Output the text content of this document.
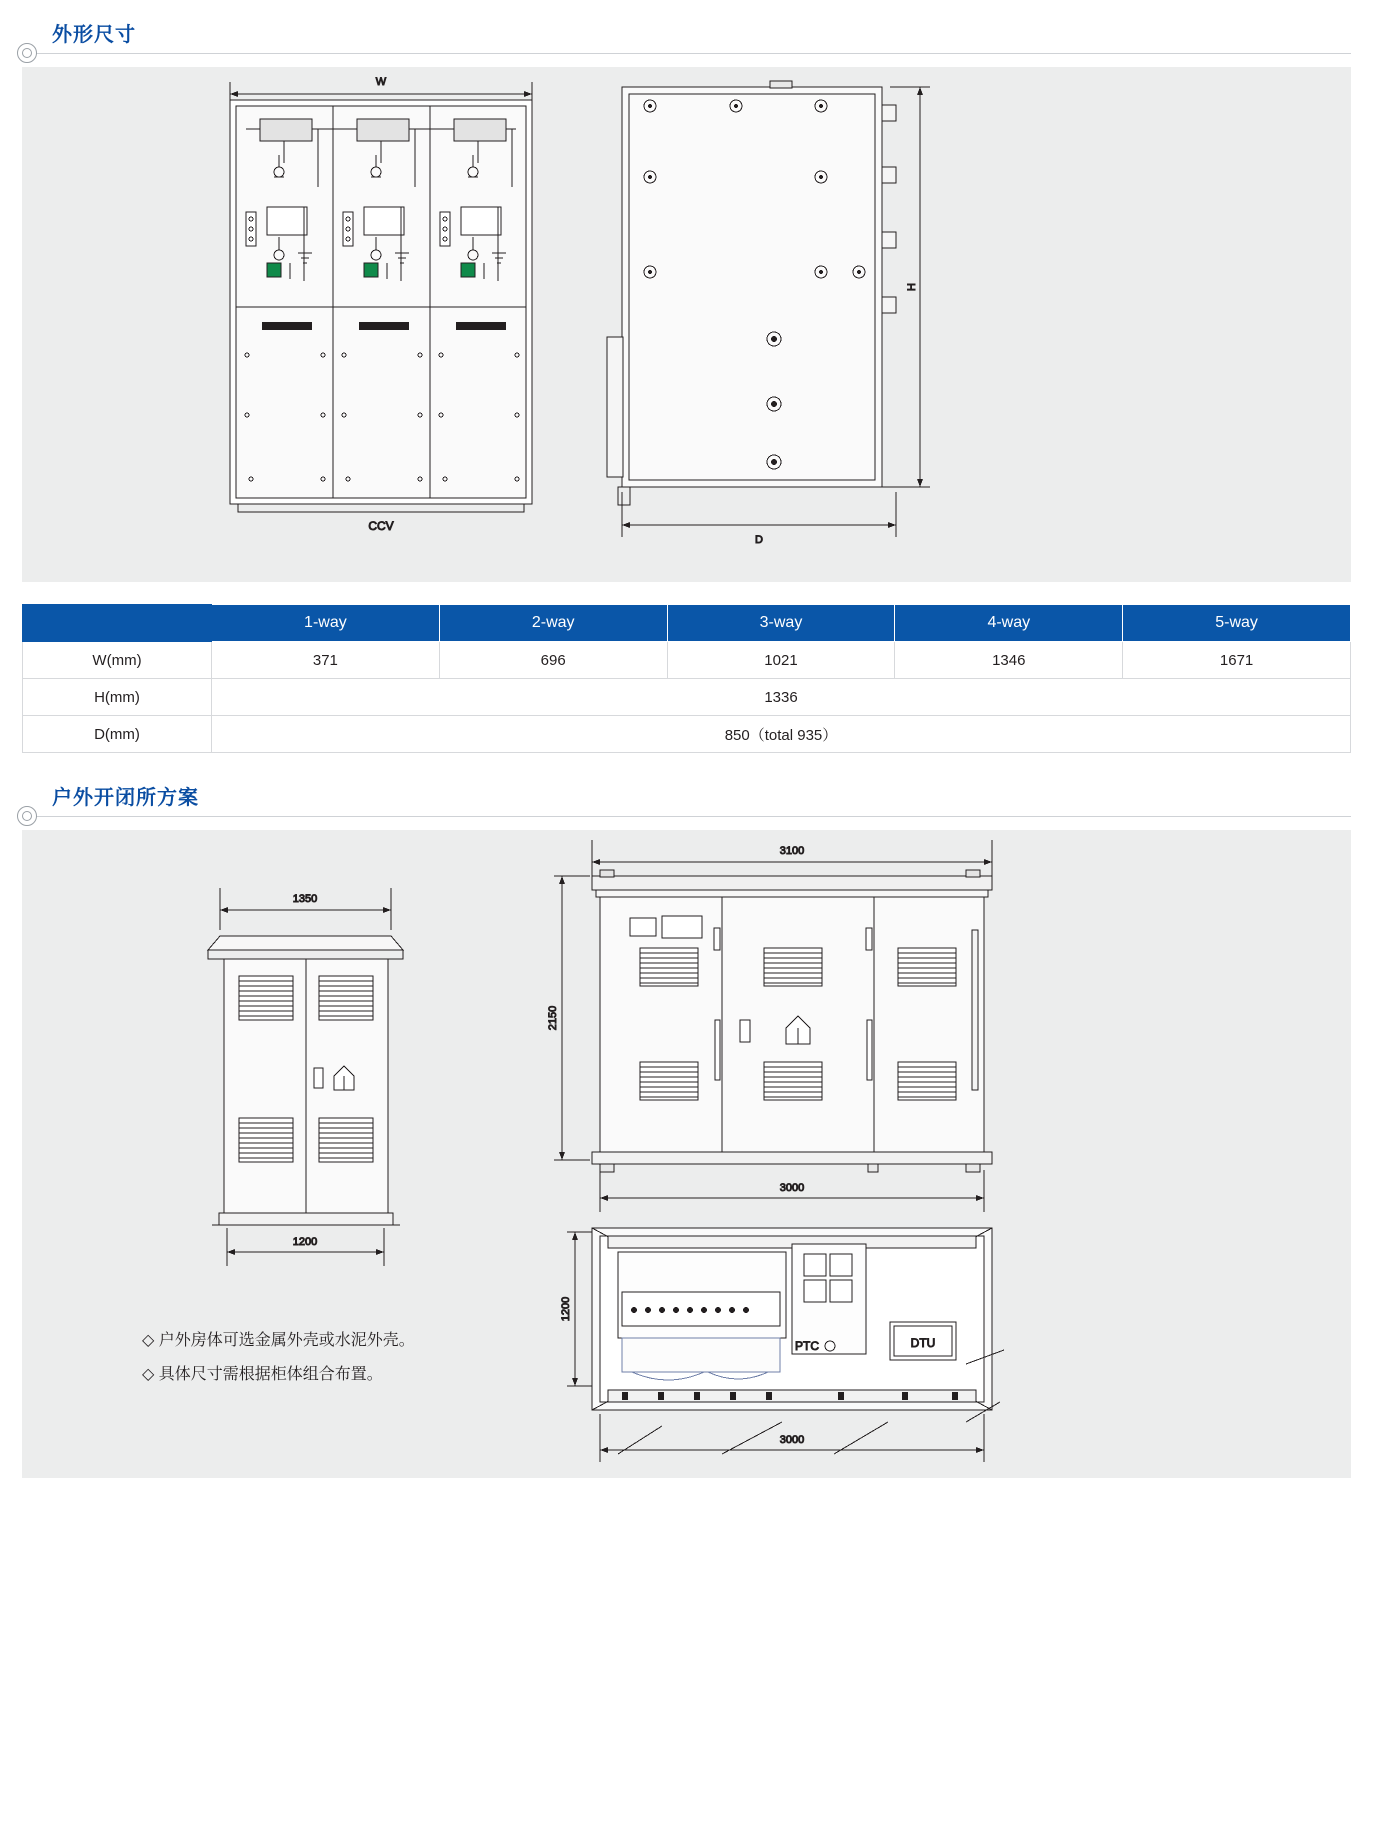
外形尺寸
W
CCV
H
D
	1-way	2-way	3-way	4-way	5-way
W(mm)	371	696	1021	1346	1671
H(mm)	1336				
D(mm)	850（total 935）				
户外开闭所方案
1350
1200
3100
2150
3000
1200
PTC	DTU
3000
◇ 户外房体可选金属外壳或水泥外壳。
◇ 具体尺寸需根据柜体组合布置。
